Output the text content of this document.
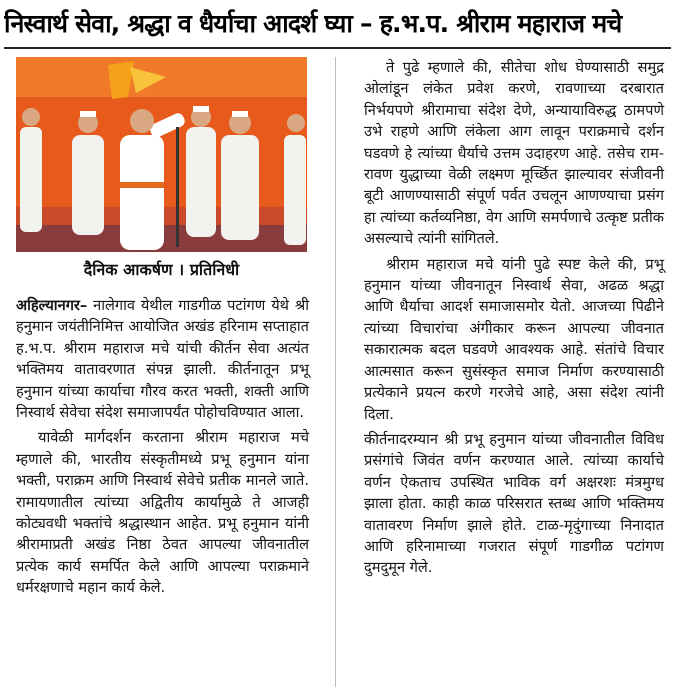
निस्वार्थ सेवा, श्रद्धा व धैर्याचा आदर्श घ्या – ह.भ.प. श्रीराम महाराज मचे
दैनिक आकर्षण । प्रतिनिधी

अहिल्यानगर– नालेगाव येथील गाडगीळ पटांगण येथे श्री हनुमान जयंतीनिमित्त आयोजित अखंड हरिनाम सप्ताहात ह.भ.प. श्रीराम महाराज मचे यांची कीर्तन सेवा अत्यंत भक्तिमय वातावरणात संपन्न झाली. कीर्तनातून प्रभू हनुमान यांच्या कार्याचा गौरव करत भक्ती, शक्ती आणि निस्वार्थ सेवेचा संदेश समाजापर्यंत पोहोचविण्यात आला.

यावेळी मार्गदर्शन करताना श्रीराम महाराज मचे म्हणाले की, भारतीय संस्कृतीमध्ये प्रभू हनुमान यांना भक्ती, पराक्रम आणि निस्वार्थ सेवेचे प्रतीक मानले जाते. रामायणातील त्यांच्या अद्वितीय कार्यामुळे ते आजही कोट्यवधी भक्तांचे श्रद्धास्थान आहेत. प्रभू हनुमान यांनी श्रीरामाप्रती अखंड निष्ठा ठेवत आपल्या जीवनातील प्रत्येक कार्य समर्पित केले आणि आपल्या पराक्रमाने धर्मरक्षणाचे महान कार्य केले.

ते पुढे म्हणाले की, सीतेचा शोध घेण्यासाठी समुद्र ओलांडून लंकेत प्रवेश करणे, रावणाच्या दरबारात निर्भयपणे श्रीरामाचा संदेश देणे, अन्यायाविरुद्ध ठामपणे उभे राहणे आणि लंकेला आग लावून पराक्रमाचे दर्शन घडवणे हे त्यांच्या धैर्याचे उत्तम उदाहरण आहे. तसेच राम-रावण युद्धाच्या वेळी लक्ष्मण मूर्च्छित झाल्यावर संजीवनी बूटी आणण्यासाठी संपूर्ण पर्वत उचलून आणण्याचा प्रसंग हा त्यांच्या कर्तव्यनिष्ठा, वेग आणि समर्पणाचे उत्कृष्ट प्रतीक असल्याचे त्यांनी सांगितले.

श्रीराम महाराज मचे यांनी पुढे स्पष्ट केले की, प्रभू हनुमान यांच्या जीवनातून निस्वार्थ सेवा, अढळ श्रद्धा आणि धैर्याचा आदर्श समाजासमोर येतो. आजच्या पिढीने त्यांच्या विचारांचा अंगीकार करून आपल्या जीवनात सकारात्मक बदल घडवणे आवश्यक आहे. संतांचे विचार आत्मसात करून सुसंस्कृत समाज निर्माण करण्यासाठी प्रत्येकाने प्रयत्न करणे गरजेचे आहे, असा संदेश त्यांनी दिला.

कीर्तनादरम्यान श्री प्रभू हनुमान यांच्या जीवनातील विविध प्रसंगांचे जिवंत वर्णन करण्यात आले. त्यांच्या कार्याचे वर्णन ऐकताच उपस्थित भाविक वर्ग अक्षरशः मंत्रमुग्ध झाला होता. काही काळ परिसरात स्तब्ध आणि भक्तिमय वातावरण निर्माण झाले होते. टाळ-मृदुंगाच्या निनादात आणि हरिनामाच्या गजरात संपूर्ण गाडगीळ पटांगण दुमदुमून गेले.
